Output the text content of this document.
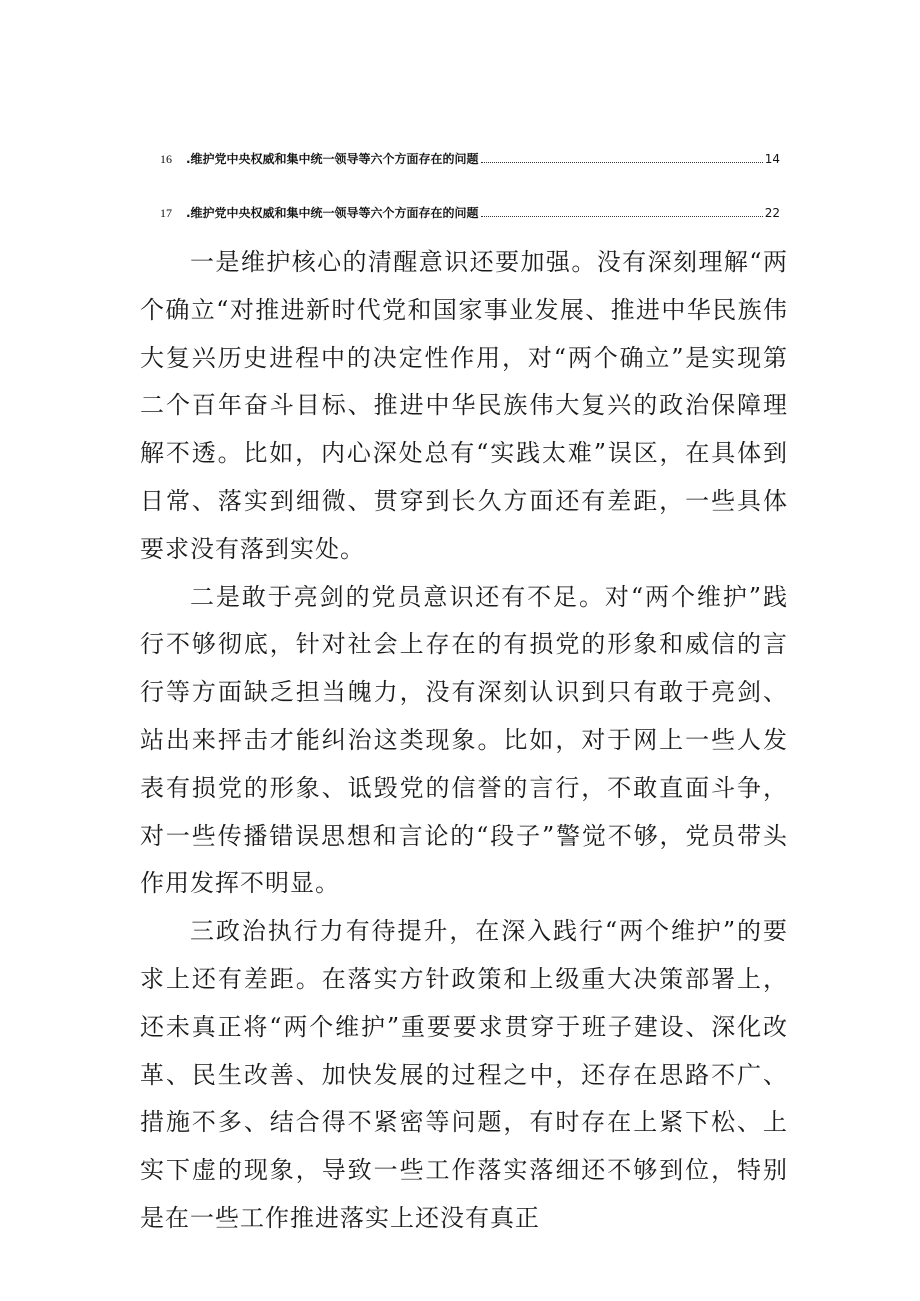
16	.维护党中央权威和集中统一领导等六个方面存在的问题	14
17	.维护党中央权威和集中统一领导等六个方面存在的问题	22

一是维护核心的清醒意识还要加强。没有深刻理解“两个确立“对推进新时代党和国家事业发展、推进中华民族伟大复兴历史进程中的决定性作用，对“两个确立”是实现第二个百年奋斗目标、推进中华民族伟大复兴的政治保障理解不透。比如，内心深处总有“实践太难”误区，在具体到日常、落实到细微、贯穿到长久方面还有差距，一些具体要求没有落到实处。

二是敢于亮剑的党员意识还有不足。对“两个维护”践行不够彻底，针对社会上存在的有损党的形象和威信的言行等方面缺乏担当魄力，没有深刻认识到只有敢于亮剑、站出来抨击才能纠治这类现象。比如，对于网上一些人发表有损党的形象、诋毁党的信誉的言行，不敢直面斗争，对一些传播错误思想和言论的“段子”警觉不够，党员带头作用发挥不明显。

三政治执行力有待提升，在深入践行“两个维护”的要求上还有差距。在落实方针政策和上级重大决策部署上，还未真正将“两个维护”重要要求贯穿于班子建设、深化改革、民生改善、加快发展的过程之中，还存在思路不广、措施不多、结合得不紧密等问题，有时存在上紧下松、上实下虚的现象，导致一些工作落实落细还不够到位，特别是在一些工作推进落实上还没有真正
